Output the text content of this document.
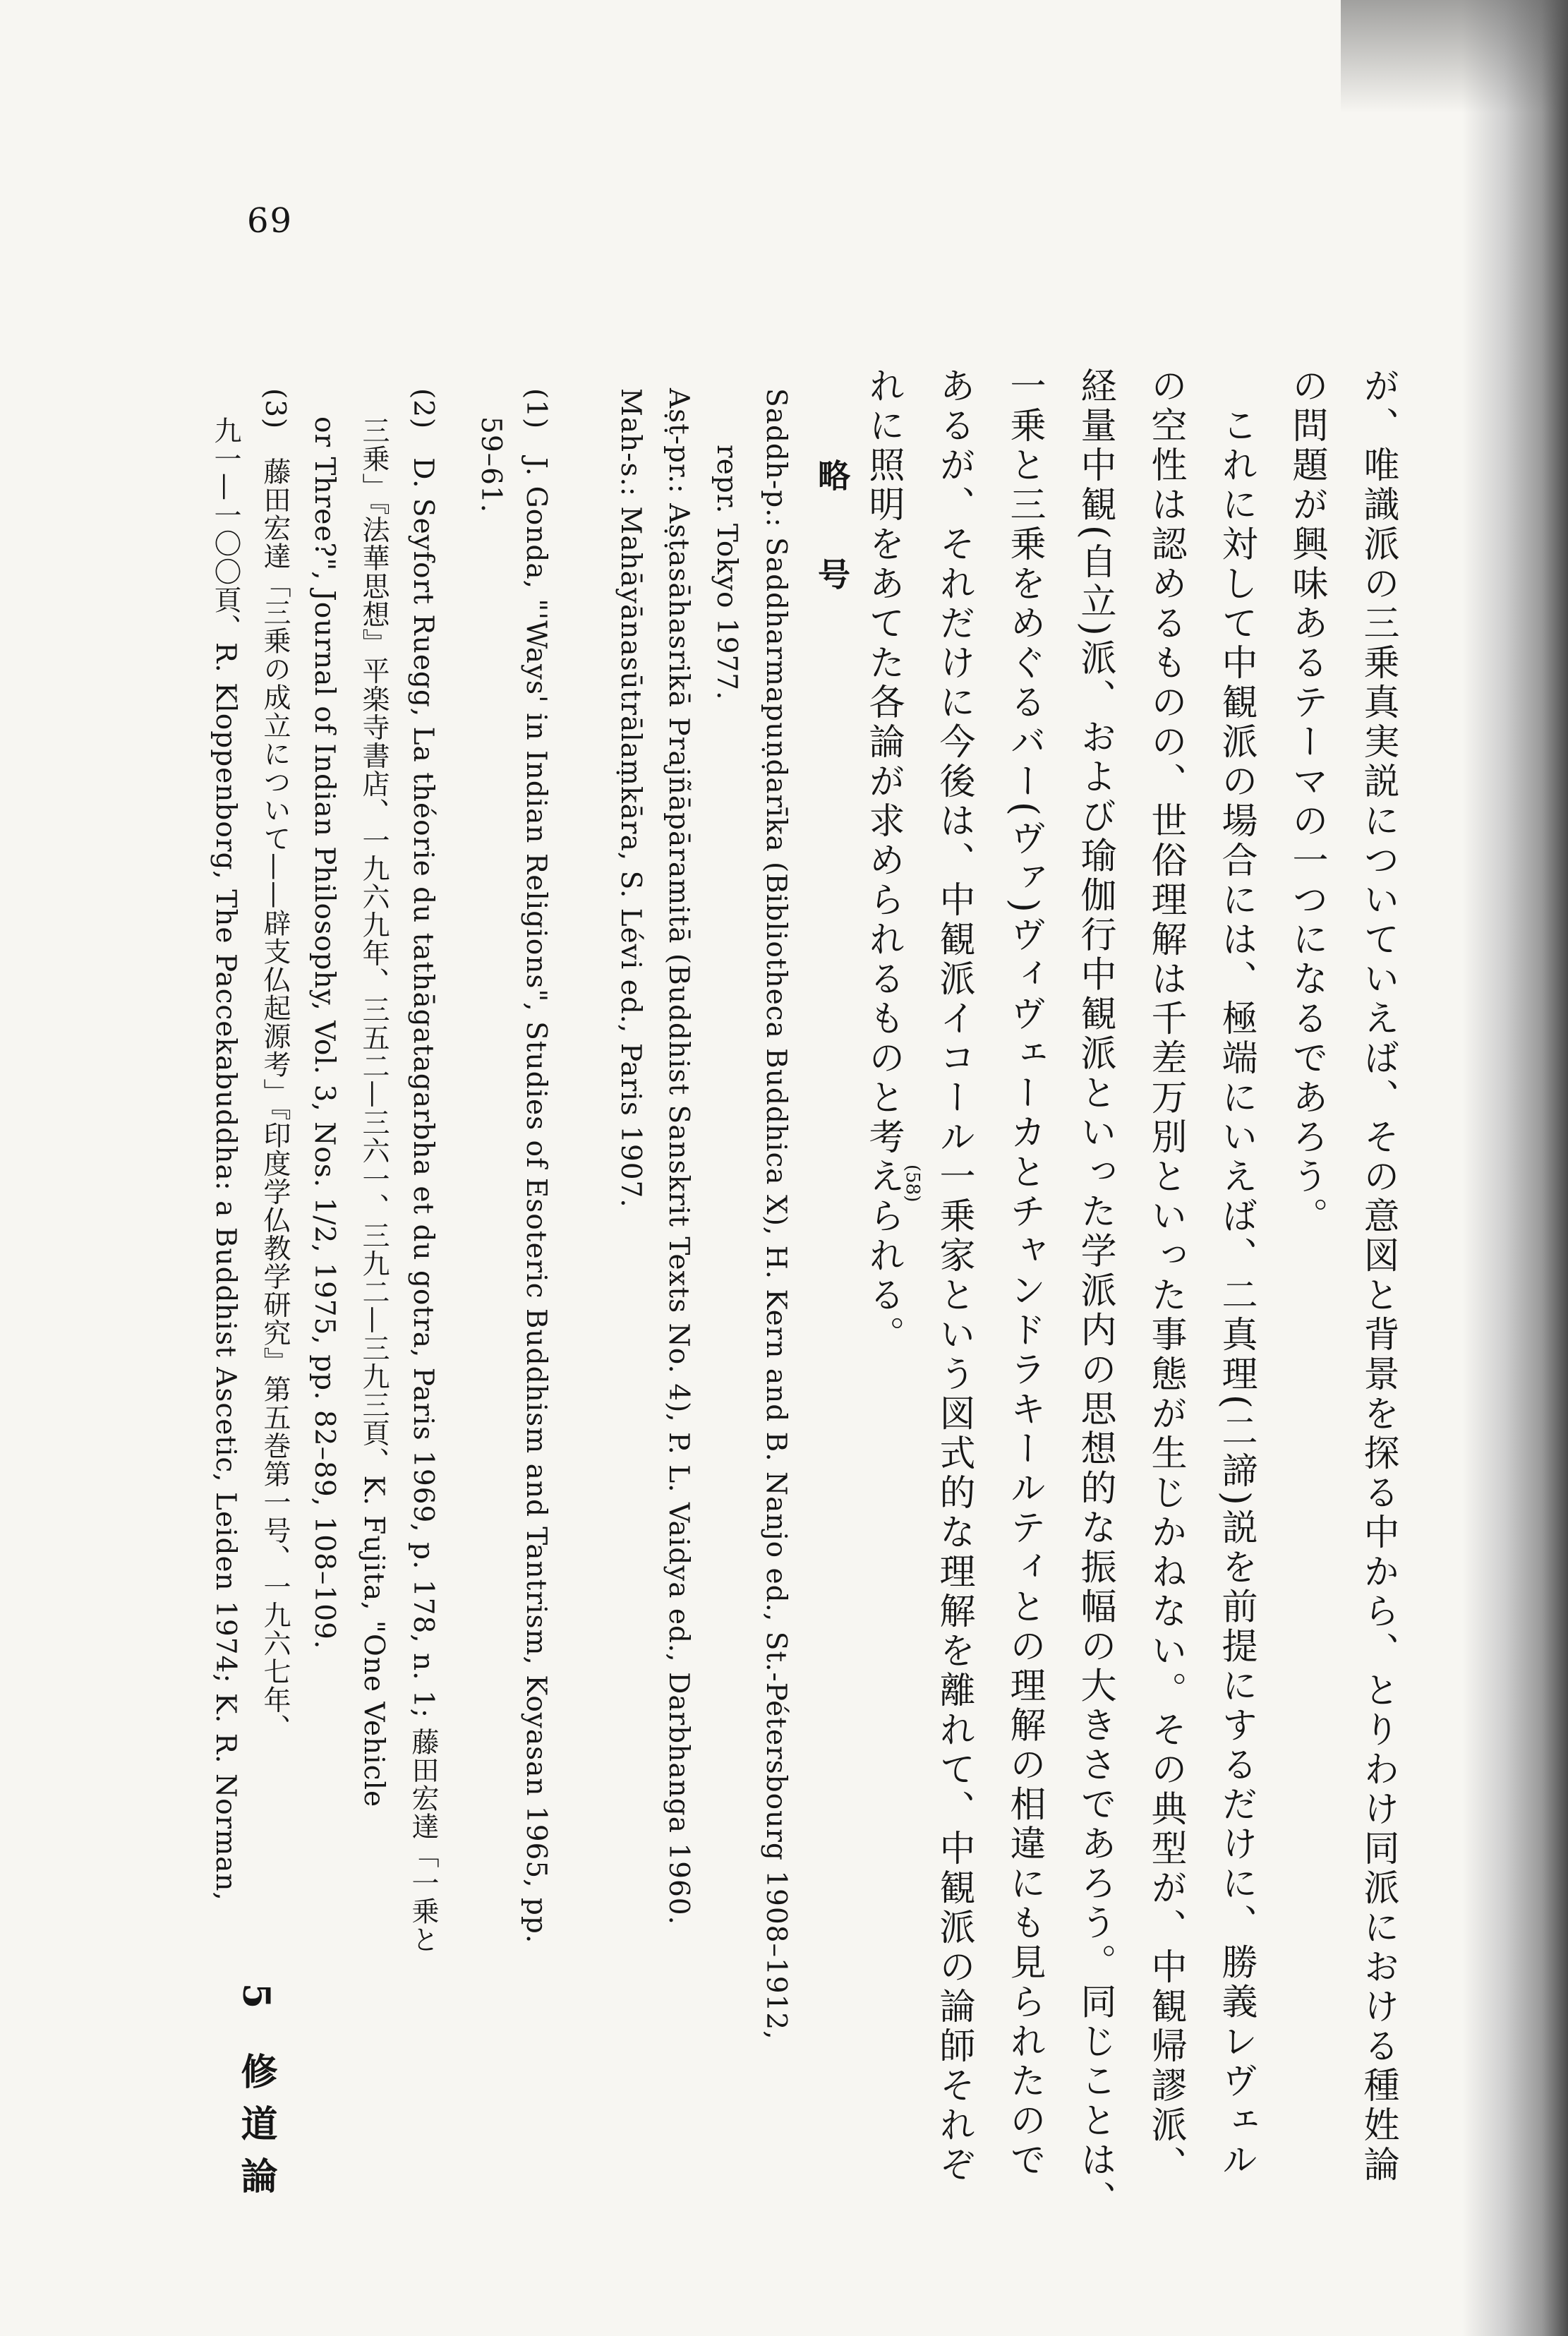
69
が、唯識派の三乗真実説についていえば、その意図と背景を探る中から、とりわけ同派における種姓論
の問題が興味あるテーマの一つになるであろう。
　これに対して中観派の場合には、極端にいえば、二真理(二諦)説を前提にするだけに、勝義レヴェル
の空性は認めるものの、世俗理解は千差万別といった事態が生じかねない。その典型が、中観帰謬派、
経量中観(自立)派、および瑜伽行中観派といった学派内の思想的な振幅の大きさであろう。同じことは、
一乗と三乗をめぐるバー(ヴァ)ヴィヴェーカとチャンドラキールティとの理解の相違にも見られたので
あるが、それだけに今後は、中観派イコール一乗家という図式的な理解を離れて、中観派の論師それぞ
れに照明をあてた各論が求められるものと考えられる。
(58)
略　号
Saddh-p.: Saddharmapuṇḍarīka (Bibliotheca Buddhica X), H. Kern and B. Nanjo ed., St.-Pétersbourg 1908–1912,
repr. Tokyo 1977.
Aṣṭ-pr.: Aṣṭasāhasrikā Prajñāpāramitā (Buddhist Sanskrit Texts No. 4), P. L. Vaidya ed., Darbhanga 1960.
Mah-s.: Mahāyānasūtrālaṃkāra, S. Lévi ed., Paris 1907.
(1)　J. Gonda, "'Ways' in Indian Religions", Studies of Esoteric Buddhism and Tantrism, Koyasan 1965, pp.
　59–61.
(2)　D. Seyfort Ruegg, La théorie du tathāgatagarbha et du gotra, Paris 1969, p. 178, n. 1; 藤田宏達「一乗と
　三乗」『法華思想』平楽寺書店、一九六九年、三五二—三六一、三九二—三九三頁、K. Fujita, "One Vehicle
　or Three?", Journal of Indian Philosophy, Vol. 3, Nos. 1/2, 1975, pp. 82–89, 108–109.
(3)　藤田宏達「三乗の成立について——辟支仏起源考」『印度学仏教学研究』第五巻第一号、一九六七年、
　九一—一〇〇頁、R. Kloppenborg, The Paccekabuddha: a Buddhist Ascetic, Leiden 1974; K. R. Norman,
5 修道論
